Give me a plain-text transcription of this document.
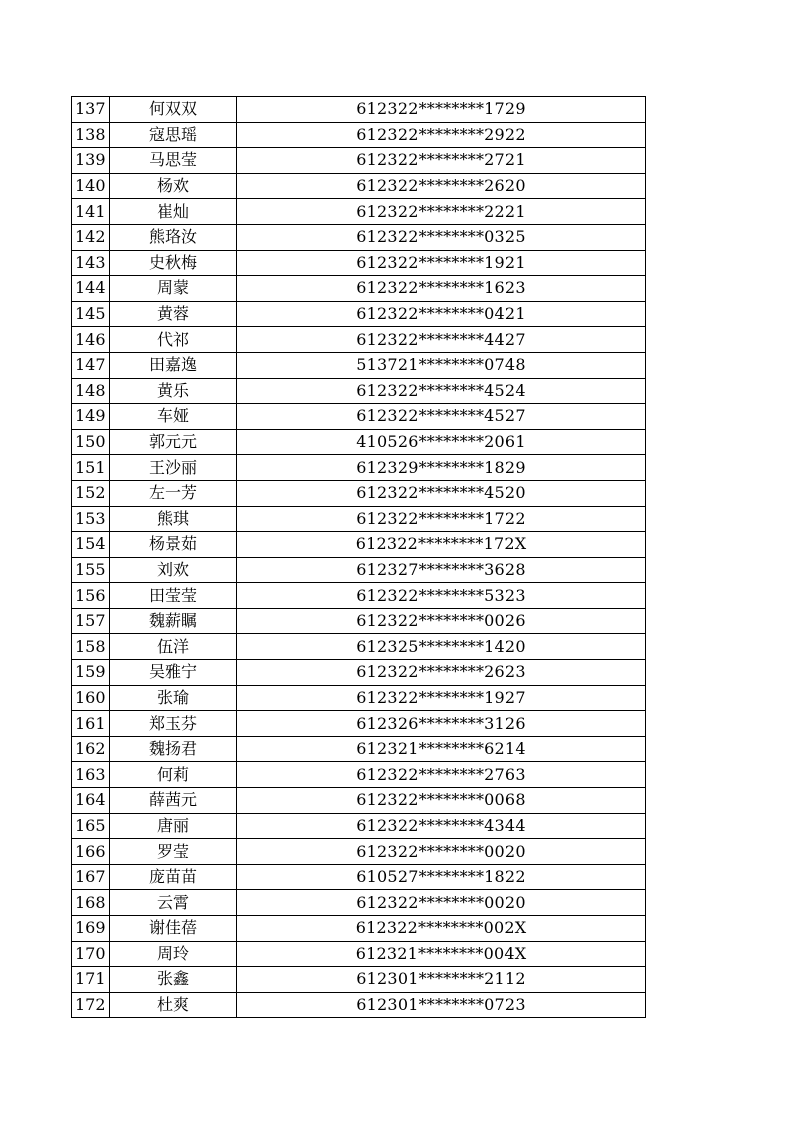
137	何双双	612322********1729
138	寇思瑶	612322********2922
139	马思莹	612322********2721
140	杨欢	612322********2620
141	崔灿	612322********2221
142	熊珞汝	612322********0325
143	史秋梅	612322********1921
144	周蒙	612322********1623
145	黄蓉	612322********0421
146	代祁	612322********4427
147	田嘉逸	513721********0748
148	黄乐	612322********4524
149	车娅	612322********4527
150	郭元元	410526********2061
151	王沙丽	612329********1829
152	左一芳	612322********4520
153	熊琪	612322********1722
154	杨景茹	612322********172X
155	刘欢	612327********3628
156	田莹莹	612322********5323
157	魏薪瞩	612322********0026
158	伍洋	612325********1420
159	吴雅宁	612322********2623
160	张瑜	612322********1927
161	郑玉芬	612326********3126
162	魏扬君	612321********6214
163	何莉	612322********2763
164	薛茜元	612322********0068
165	唐丽	612322********4344
166	罗莹	612322********0020
167	庞苗苗	610527********1822
168	云霄	612322********0020
169	谢佳蓓	612322********002X
170	周玲	612321********004X
171	张鑫	612301********2112
172	杜爽	612301********0723
